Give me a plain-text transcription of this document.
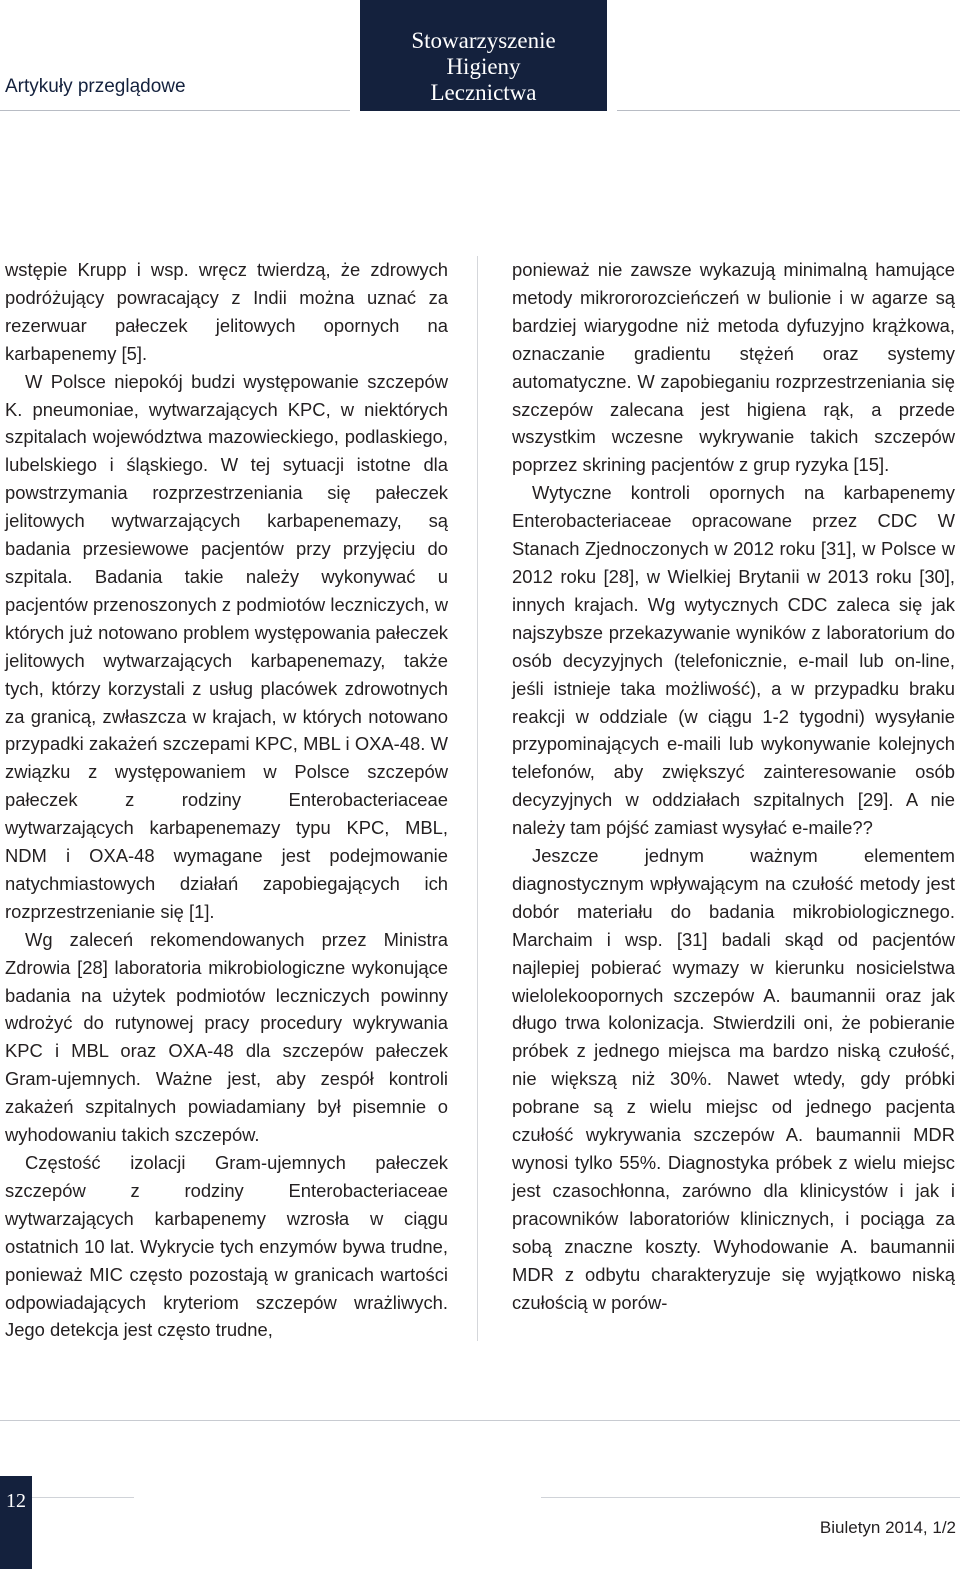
Artykuły przeglądowe
Stowarzyszenie
Higieny
Lecznictwa

wstępie Krupp i wsp. wręcz twierdzą, że zdrowych podróżujący powracający z Indii można uznać za rezerwuar pałeczek jelitowych opornych na karbapenemy [5].

W Polsce niepokój budzi występowanie szczepów K. pneumoniae, wytwarzających KPC, w niektórych szpitalach województwa mazowieckiego, podlaskiego, lubelskiego i śląskiego. W tej sytuacji istotne dla powstrzymania rozprzestrzeniania się pałeczek jelitowych wytwarzających karbapenemazy, są badania przesiewowe pacjentów przy przyjęciu do szpitala. Badania takie należy wykonywać u pacjentów przenoszonych z podmiotów leczniczych, w których już notowano problem występowania pałeczek jelitowych wytwarzających karbapenemazy, także tych, którzy korzystali z usług placówek zdrowotnych za granicą, zwłaszcza w krajach, w których notowano przypadki zakażeń szczepami KPC, MBL i OXA-48. W związku z występowaniem w Polsce szczepów pałeczek z rodziny Enterobacteriaceae wytwarzających karbapenemazy typu KPC, MBL, NDM i OXA-48 wymagane jest podejmowanie natychmiastowych działań zapobiegających ich rozprzestrzenianie się [1].

Wg zaleceń rekomendowanych przez Ministra Zdrowia [28] laboratoria mikrobiologiczne wykonujące badania na użytek podmiotów leczniczych powinny wdrożyć do rutynowej pracy procedury wykrywania KPC i MBL oraz OXA-48 dla szczepów pałeczek Gram-ujemnych. Ważne jest, aby zespół kontroli zakażeń szpitalnych powiadamiany był pisemnie o wyhodowaniu takich szczepów.

Częstość izolacji Gram-ujemnych pałeczek szczepów z rodziny Enterobacteriaceae wytwarzających karbapenemy wzrosła w ciągu ostatnich 10 lat. Wykrycie tych enzymów bywa trudne, ponieważ MIC często pozostają w granicach wartości odpowiadających kryteriom szczepów wrażliwych. Jego detekcja jest często trudne,

ponieważ nie zawsze wykazują minimalną hamujące metody mikrororozcieńczeń w bulionie i w agarze są bardziej wiarygodne niż metoda dyfuzyjno krążkowa, oznaczanie gradientu stężeń oraz systemy automatyczne. W zapobieganiu rozprzestrzeniania się szczepów zalecana jest higiena rąk, a przede wszystkim wczesne wykrywanie takich szczepów poprzez skrining pacjentów z grup ryzyka [15].

Wytyczne kontroli opornych na karbapenemy Enterobacteriaceae opracowane przez CDC W Stanach Zjednoczonych w 2012 roku [31], w Polsce w 2012 roku [28], w Wielkiej Brytanii w 2013 roku [30], innych krajach. Wg wytycznych CDC zaleca się jak najszybsze przekazywanie wyników z laboratorium do osób decyzyjnych (telefonicznie, e-mail lub on-line, jeśli istnieje taka możliwość), a w przypadku braku reakcji w oddziale (w ciągu 1-2 tygodni) wysyłanie przypominających e-maili lub wykonywanie kolejnych telefonów, aby zwiększyć zainteresowanie osób decyzyjnych w oddziałach szpitalnych [29]. A nie należy tam pójść zamiast wysyłać e-maile??

Jeszcze jednym ważnym elementem diagnostycznym wpływającym na czułość metody jest dobór materiału do badania mikrobiologicznego. Marchaim i wsp. [31] badali skąd od pacjentów najlepiej pobierać wymazy w kierunku nosicielstwa wielolekoopornych szczepów A. baumannii oraz jak długo trwa kolonizacja. Stwierdzili oni, że pobieranie próbek z jednego miejsca ma bardzo niską czułość, nie większą niż 30%. Nawet wtedy, gdy próbki pobrane są z wielu miejsc od jednego pacjenta czułość wykrywania szczepów A. baumannii MDR wynosi tylko 55%. Diagnostyka próbek z wielu miejsc jest czasochłonna, zarówno dla klinicystów i jak i pracowników laboratoriów klinicznych, i pociąga za sobą znaczne koszty. Wyhodowanie A. baumannii MDR z odbytu charakteryzuje się wyjątkowo niską czułością w porów-

12
Biuletyn 2014, 1/2
